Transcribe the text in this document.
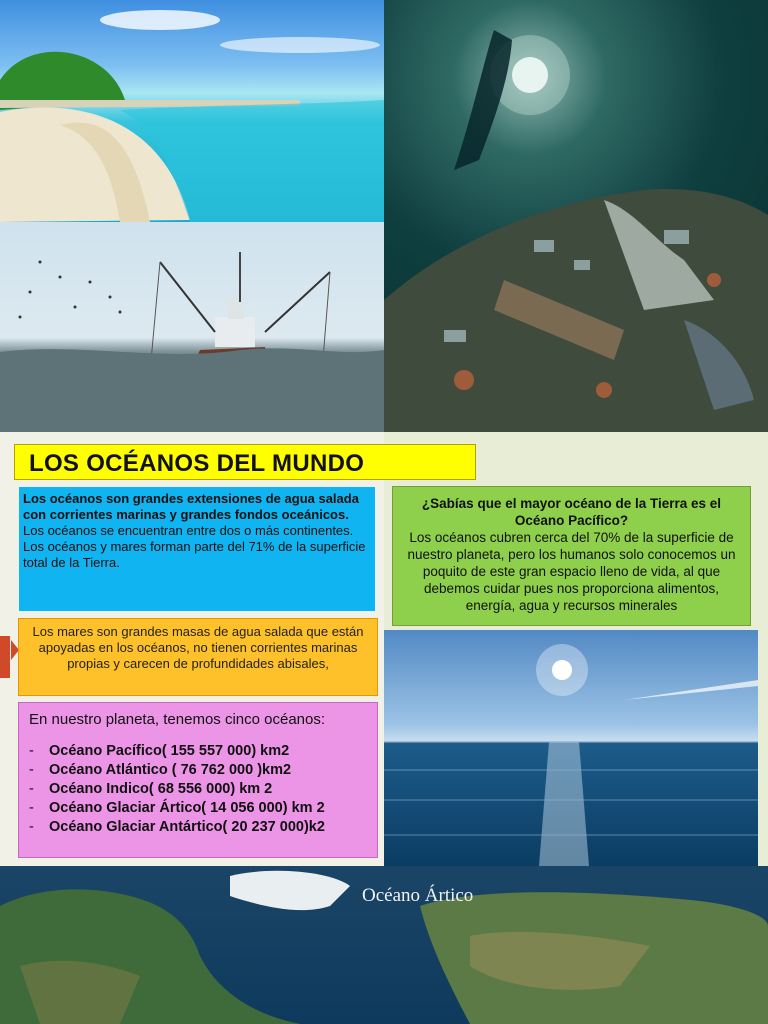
LOS OCÉANOS DEL MUNDO
Los océanos son grandes extensiones de agua salada con corrientes marinas y grandes fondos oceánicos.
Los océanos se encuentran entre dos o más continentes.
Los océanos y mares forman parte del 71% de la superficie total de la Tierra.
¿Sabías que el mayor océano de la Tierra es el Océano Pacífico?
Los océanos cubren cerca del 70% de la superficie de nuestro planeta, pero los humanos solo conocemos un poquito de este gran espacio lleno de vida, al que debemos cuidar pues nos proporciona alimentos, energía, agua y recursos minerales
Los mares son grandes masas de agua salada que están apoyadas en los océanos, no tienen corrientes marinas propias y carecen de profundidades abisales,
En nuestro planeta, tenemos cinco océanos:
- Océano Pacífico( 155 557 000) km2
- Océano Atlántico ( 76 762 000 )km2
- Océano Indico( 68 556 000) km 2
- Océano Glaciar Ártico( 14 056 000) km 2
- Océano Glaciar Antártico( 20 237 000)k2
Océano Ártico
